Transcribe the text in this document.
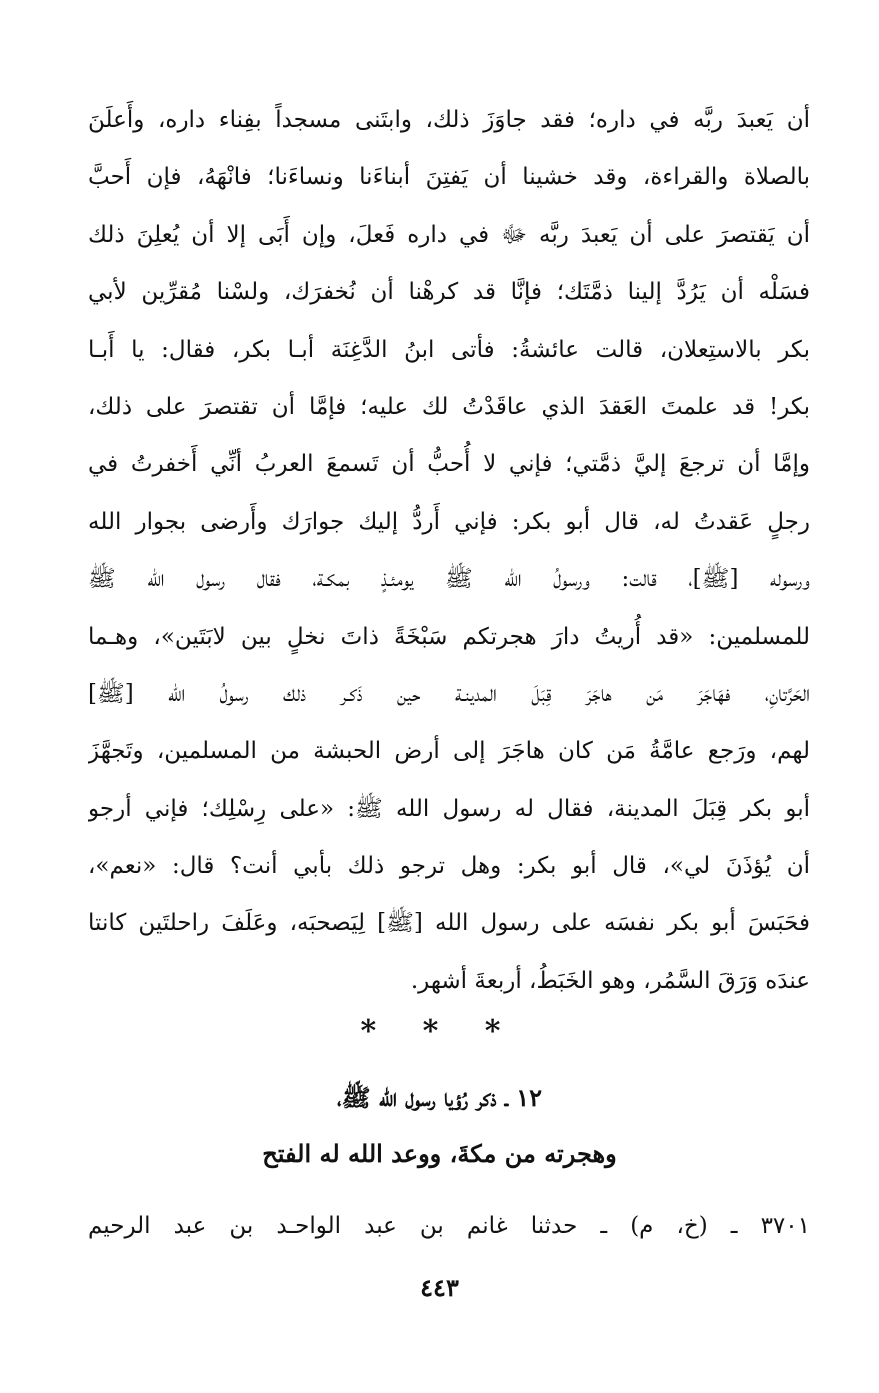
أن يَعبدَ ربَّه في داره؛ فقد جاوَزَ ذلك، وابتَنى مسجداً بفِناء داره، وأَعلَنَ
بالصلاة والقراءة، وقد خشينا أن يَفتِنَ أبناءَنا ونساءَنا؛ فانْهَهُ، فإن أَحبَّ
أن يَقتصرَ على أن يَعبدَ ربَّه ﷻ في داره فَعلَ، وإن أَبَى إلا أن يُعلِنَ ذلك
فسَلْه أن يَرُدَّ إلينا ذمَّتَك؛ فإنَّا قد كرهْنا أن نُخفرَك، ولسْنا مُقرِّين لأبي
بكر بالاستِعلان، قالت عائشةُ: فأتى ابنُ الدَّغِنَة أبـا بكر، فقال: يا أَبـا
بكر! قد علمتَ العَقدَ الذي عاقَدْتُ لك عليه؛ فإمَّا أن تقتصرَ على ذلك،
وإمَّا أن ترجعَ إليَّ ذمَّتي؛ فإني لا أُحبُّ أن تَسمعَ العربُ أنِّي أَخفرتُ في
رجلٍ عَقدتُ له، قال أبو بكر: فإني أَردُّ إليك جوارَك وأَرضى بجوار الله
ورسوله [ﷺ]، قالت: ورسولُ الله ﷺ يومئـذٍ بمكـة، فقال رسول الله ﷺ
للمسلمين: «قد أُريتُ دارَ هجرتكم سَبْخَةً ذاتَ نخلٍ بين لابَتَين»، وهـما
الحَرَّتانِ، فهَاجَرَ مَن هاجَرَ قِبَلَ المدينـة حين ذَكـر ذلك رسولُ الله [ﷺ]
لهم، ورَجع عامَّةُ مَن كان هاجَرَ إلى أرض الحبشة من المسلمين، وتَجهَّزَ
أبو بكر قِبَلَ المدينة، فقال له رسول الله ﷺ: «على رِسْلِك؛ فإني أرجو
أن يُؤذَنَ لي»، قال أبو بكر: وهل ترجو ذلك بأبي أنت؟ قال: «نعم»،
فحَبَسَ أبو بكر نفسَه على رسول الله [ﷺ] لِيَصحبَه، وعَلَفَ راحلتَين كانتا
عندَه وَرَقَ السَّمُر، وهو الخَبَطُ، أربعةَ أشهر.
* * *
١٢ ـ ذكر رُؤيا رسول الله ﷺ،
وهجرته من مكةَ، ووعد الله له الفتح
٣٧٠١ ـ (خ، م) ـ حدثنا غانم بن عبد الواحـد بن عبد الرحيم
٤٤٣
